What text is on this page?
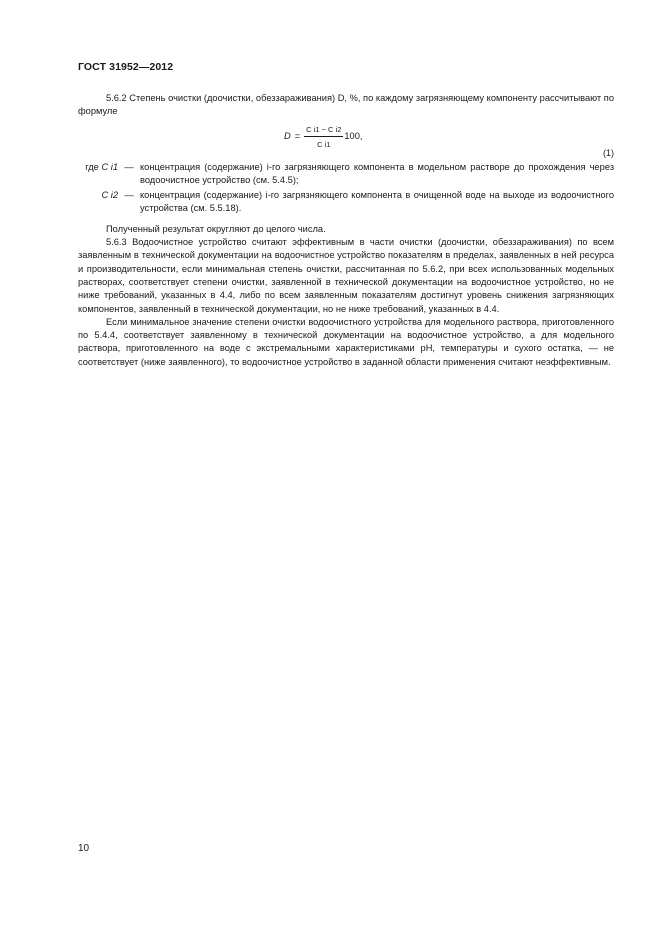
ГОСТ 31952—2012

5.6.2 Степень очистки (доочистки, обеззараживания) D, %, по каждому загрязняющему компоненту рассчитывают по формуле

$D = \frac{\text{C i1 − C i2}}{\text{C i1}} 100$,
(1)
где C i1 — концентрация (содержание) i-го загрязняющего компонента в модельном растворе до прохождения через водоочистное устройство (см. 5.4.5);
C i2 — концентрация (содержание) i-го загрязняющего компонента в очищенной воде на выходе из водоочистного устройства (см. 5.5.18).

Полученный результат округляют до целого числа.

5.6.3 Водоочистное устройство считают эффективным в части очистки (доочистки, обеззараживания) по всем заявленным в технической документации на водоочистное устройство показателям в пределах, заявленных в ней ресурса и производительности, если минимальная степень очистки, рассчитанная по 5.6.2, при всех использованных модельных растворах, соответствует степени очистки, заявленной в технической документации на водоочистное устройство, но не ниже требований, указанных в 4.4, либо по всем заявленным показателям достигнут уровень снижения загрязняющих компонентов, заявленный в технической документации, но не ниже требований, указанных в 4.4.

Если минимальное значение степени очистки водоочистного устройства для модельного раствора, приготовленного по 5.4.4, соответствует заявленному в технической документации на водоочистное устройство, а для модельного раствора, приготовленного на воде с экстремальными характеристиками pH, температуры и сухого остатка, — не соответствует (ниже заявленного), то водоочистное устройство в заданной области применения считают неэффективным.

10
